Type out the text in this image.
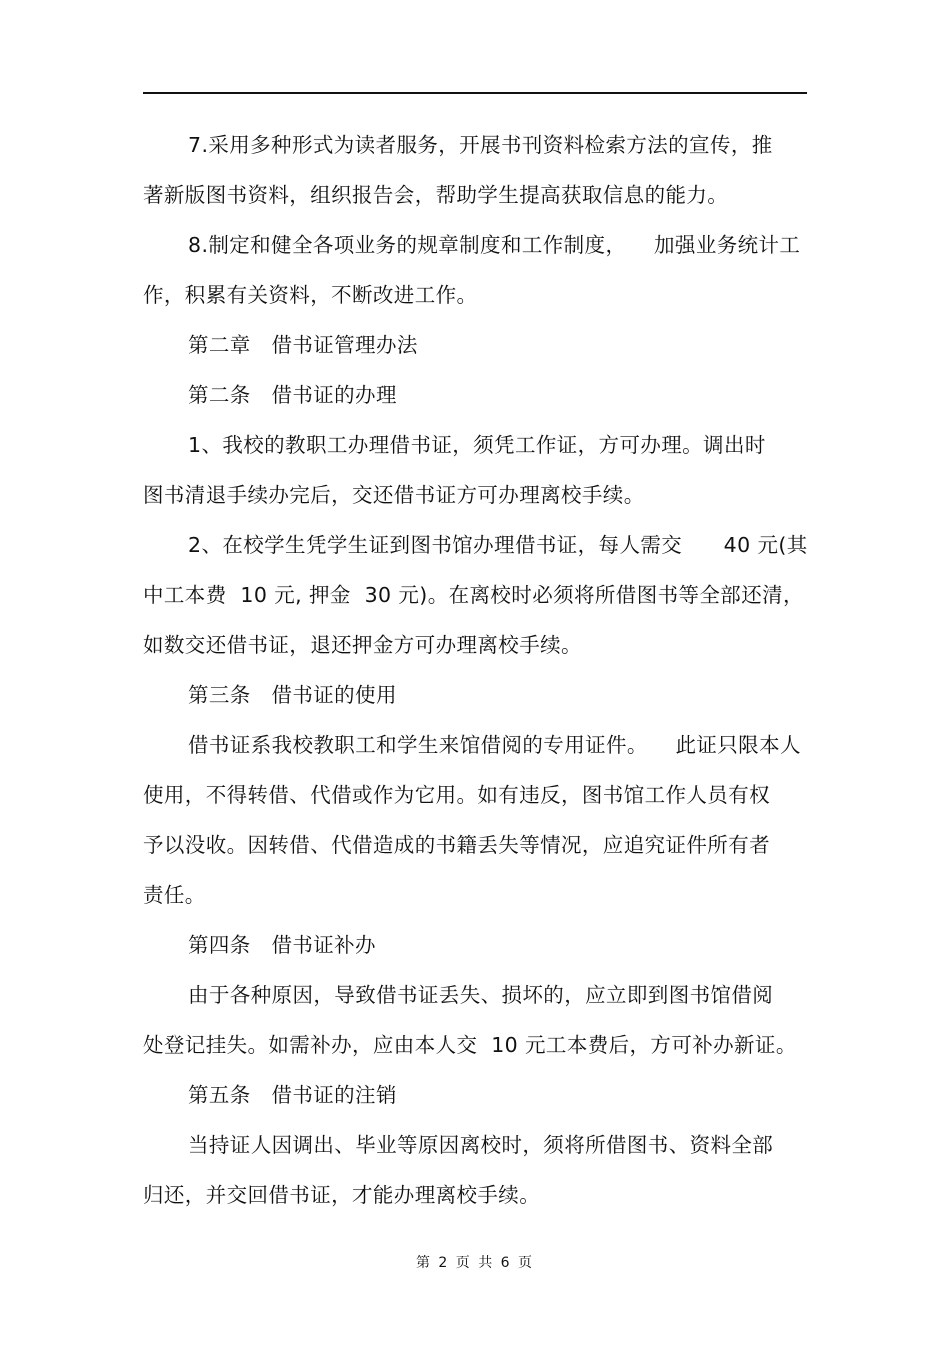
7.采用多种形式为读者服务，开展书刊资料检索方法的宣传，推
著新版图书资料，组织报告会，帮助学生提高获取信息的能力。
8.制定和健全各项业务的规章制度和工作制度，    加强业务统计工
作，积累有关资料，不断改进工作。
第二章   借书证管理办法
第二条   借书证的办理
1、我校的教职工办理借书证，须凭工作证，方可办理。调出时
图书清退手续办完后，交还借书证方可办理离校手续。
2、在校学生凭学生证到图书馆办理借书证，每人需交      40 元(其
中工本费  10 元, 押金  30 元)。在离校时必须将所借图书等全部还清，
如数交还借书证，退还押金方可办理离校手续。
第三条   借书证的使用
借书证系我校教职工和学生来馆借阅的专用证件。    此证只限本人
使用，不得转借、代借或作为它用。如有违反，图书馆工作人员有权
予以没收。因转借、代借造成的书籍丢失等情况，应追究证件所有者
责任。
第四条   借书证补办
由于各种原因，导致借书证丢失、损坏的，应立即到图书馆借阅
处登记挂失。如需补办，应由本人交  10 元工本费后，方可补办新证。
第五条   借书证的注销
当持证人因调出、毕业等原因离校时，须将所借图书、资料全部
归还，并交回借书证，才能办理离校手续。
第 2 页 共 6 页
